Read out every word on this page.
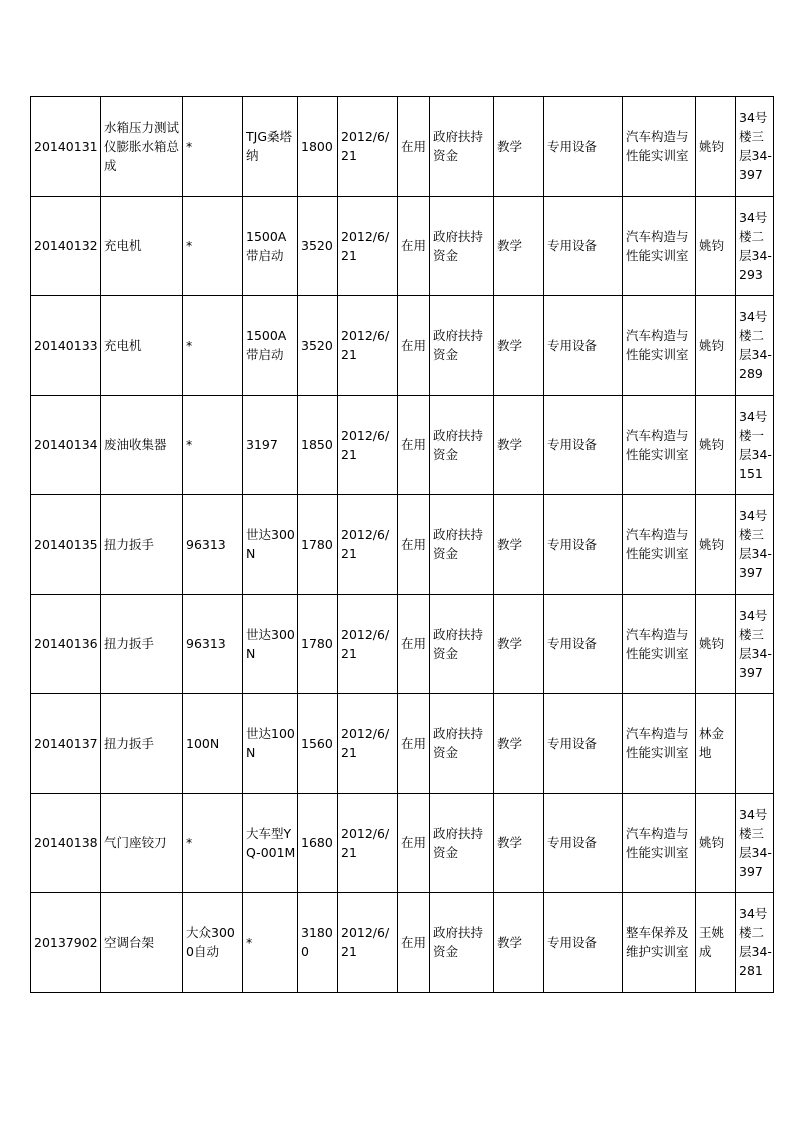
20140131	水箱压力测试仪膨胀水箱总成	*	TJG桑塔纳	1800	2012/6/21	在用	政府扶持资金	教学	专用设备	汽车构造与性能实训室	姚钧	34号楼三层34-397
20140132	充电机	*	1500A带启动	3520	2012/6/21	在用	政府扶持资金	教学	专用设备	汽车构造与性能实训室	姚钧	34号楼二层34-293
20140133	充电机	*	1500A带启动	3520	2012/6/21	在用	政府扶持资金	教学	专用设备	汽车构造与性能实训室	姚钧	34号楼二层34-289
20140134	废油收集器	*	3197	1850	2012/6/21	在用	政府扶持资金	教学	专用设备	汽车构造与性能实训室	姚钧	34号楼一层34-151
20140135	扭力扳手	96313	世达300N	1780	2012/6/21	在用	政府扶持资金	教学	专用设备	汽车构造与性能实训室	姚钧	34号楼三层34-397
20140136	扭力扳手	96313	世达300N	1780	2012/6/21	在用	政府扶持资金	教学	专用设备	汽车构造与性能实训室	姚钧	34号楼三层34-397
20140137	扭力扳手	100N	世达100N	1560	2012/6/21	在用	政府扶持资金	教学	专用设备	汽车构造与性能实训室	林金地	
20140138	气门座铰刀	*	大车型YQ-001M	1680	2012/6/21	在用	政府扶持资金	教学	专用设备	汽车构造与性能实训室	姚钧	34号楼三层34-397
20137902	空调台架	大众3000自动	*	31800	2012/6/21	在用	政府扶持资金	教学	专用设备	整车保养及维护实训室	王姚成	34号楼二层34-281
